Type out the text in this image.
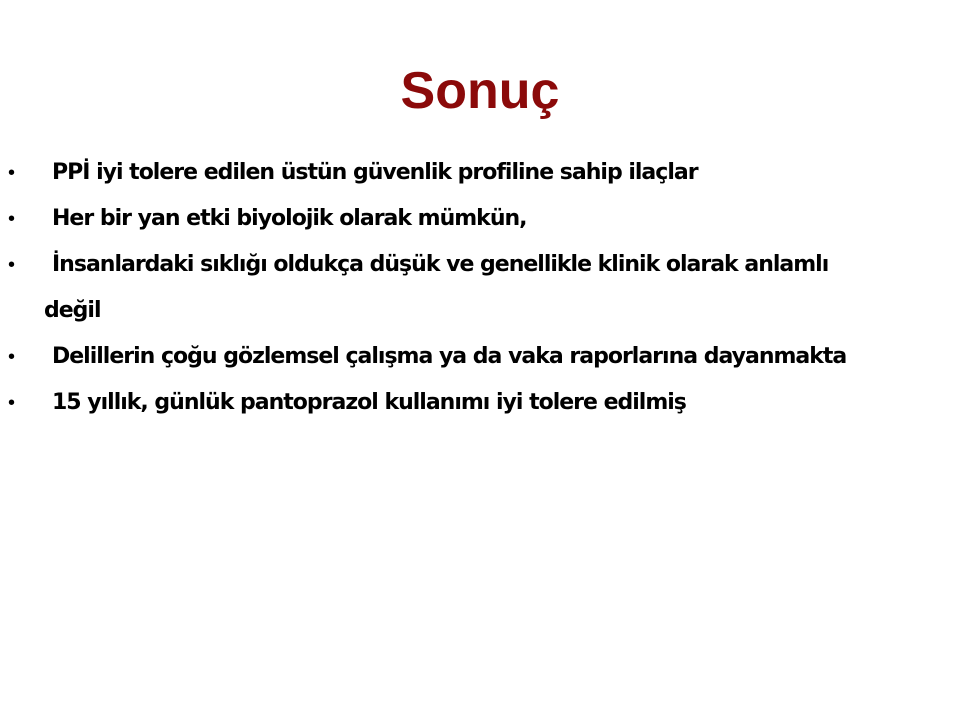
Sonuç
• PPİ iyi tolere edilen üstün güvenlik profiline sahip ilaçlar
• Her bir yan etki biyolojik olarak mümkün,
• İnsanlardaki sıklığı oldukça düşük ve genellikle klinik olarak anlamlı
değil
• Delillerin çoğu gözlemsel çalışma ya da vaka raporlarına dayanmakta
• 15 yıllık, günlük pantoprazol kullanımı iyi tolere edilmiş
